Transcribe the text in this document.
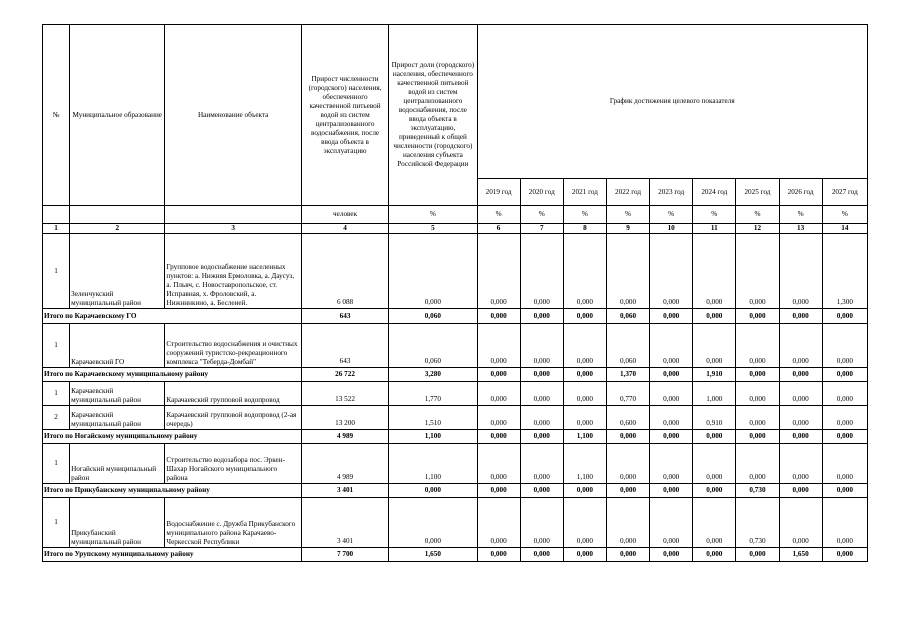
№	Муниципальное образование	Наименование объекта	Прирост численности (городского) населения, обеспеченного качественной питьевой водой из систем централизованного водоснабжения, после ввода объекта в эксплуатацию	Прирост доли (городского) населения, обеспеченного качественной питьевой водой из систем централизованного водоснабжения, после ввода объекта в эксплуатацию, приведенный к общей численности (городского) населения субъекта Российской Федерации	График достижения целевого показателя								
					2019 год	2020 год	2021 год	2022 год	2023 год	2024 год	2025 год	2026 год	2027 год
			человек	%	%	%	%	%	%	%	%	%	%
1	2	3	4	5	6	7	8	9	10	11	12	13	14
1	Зеленчукский муниципальный район	Групповое водоснабжение населенных пунктов: а. Нижняя Ермоловка, а. Даусуз, а. Пльвч, с. Новоставропольское, ст. Исправная, х. Фроловский, а. Нижнинкино, а. Беслеией.	6 088	0,000	0,000	0,000	0,000	0,000	0,000	0,000	0,000	0,000	1,300
Итого по Карачаевскому ГО			643	0,060	0,000	0,000	0,000	0,060	0,000	0,000	0,000	0,000	0,000
1	Карачаевский ГО	Строительство водоснабжения и очистных сооружений туристско-рекреационного комплекса "Теберда-Домбай"	643	0,060	0,000	0,000	0,000	0,060	0,000	0,000	0,000	0,000	0,000
Итого по Карачаевскому муниципальному району			26 722	3,280	0,000	0,000	0,000	1,370	0,000	1,910	0,000	0,000	0,000
1	Карачаевский муниципальный район	Карачаевский групповой водопровод	13 522	1,770	0,000	0,000	0,000	0,770	0,000	1,000	0,000	0,000	0,000
2	Карачаевский муниципальный район	Карачаевский групповой водопровод (2-ая очередь)	13 200	1,510	0,000	0,000	0,000	0,600	0,000	0,910	0,000	0,000	0,000
Итого по Ногайскому муниципальному району			4 989	1,100	0,000	0,000	1,100	0,000	0,000	0,000	0,000	0,000	0,000
1	Ногайский муниципальный район	Строительство водозабора пос. Эркен-Шахар Ногайского муниципального района	4 989	1,100	0,000	0,000	1,100	0,000	0,000	0,000	0,000	0,000	0,000
Итого по Прикубанскому муниципальному району			3 401	0,000	0,000	0,000	0,000	0,000	0,000	0,000	0,730	0,000	0,000
1	Прикубанский муниципальный район	Водоснабжение с. Дружба Прикубанского муниципального района Карачаево-Черкесской Республики	3 401	0,000	0,000	0,000	0,000	0,000	0,000	0,000	0,730	0,000	0,000
Итого по Урупскому муниципальному району			7 700	1,650	0,000	0,000	0,000	0,000	0,000	0,000	0,000	1,650	0,000
